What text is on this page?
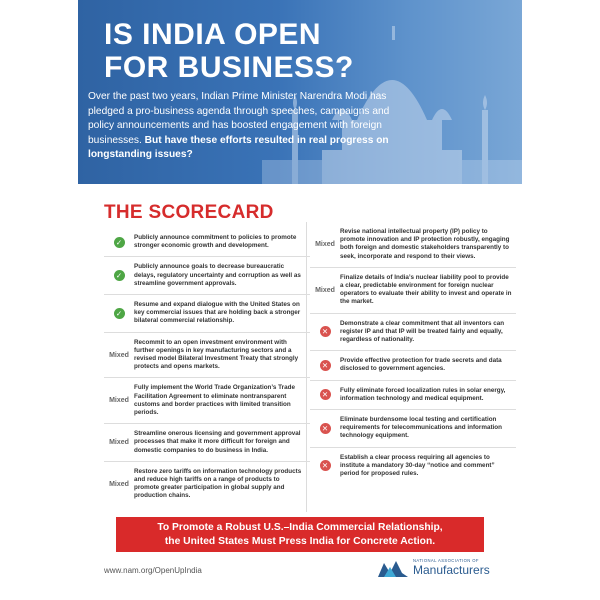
IS INDIA OPEN
FOR BUSINESS?
Over the past two years, Indian Prime Minister Narendra Modi has pledged a pro-business agenda through speeches, campaigns and policy announcements and has boosted engagement with foreign businesses. But have these efforts resulted in real progress on longstanding issues?
THE SCORECARD
✓
Publicly announce commitment to policies to promote stronger economic growth and development.
✓
Publicly announce goals to decrease bureaucratic delays, regulatory uncertainty and corruption as well as streamline government approvals.
✓
Resume and expand dialogue with the United States on key commercial issues that are holding back a stronger bilateral commercial relationship.
Mixed
Recommit to an open investment environment with further openings in key manufacturing sectors and a revised model Bilateral Investment Treaty that strongly protects and opens markets.
Mixed
Fully implement the World Trade Organization’s Trade Facilitation Agreement to eliminate nontransparent customs and border practices with limited transition periods.
Mixed
Streamline onerous licensing and government approval processes that make it more difficult for foreign and domestic companies to do business in India.
Mixed
Restore zero tariffs on information technology products and reduce high tariffs on a range of products to promote greater participation in global supply and production chains.
Mixed
Revise national intellectual property (IP) policy to promote innovation and IP protection robustly, engaging both foreign and domestic stakeholders transparently to seek, incorporate and respond to their views.
Mixed
Finalize details of India’s nuclear liability pool to provide a clear, predictable environment for foreign nuclear operators to evaluate their ability to invest and operate in the market.
✕
Demonstrate a clear commitment that all inventors can register IP and that IP will be treated fairly and equally, regardless of nationality.
✕
Provide effective protection for trade secrets and data disclosed to government agencies.
✕
Fully eliminate forced localization rules in solar energy, information technology and medical equipment.
✕
Eliminate burdensome local testing and certification requirements for telecommunications and information technology equipment.
✕
Establish a clear process requiring all agencies to institute a mandatory 30-day “notice and comment” period for proposed rules.
To Promote a Robust U.S.–India Commercial Relationship,
the United States Must Press India for Concrete Action.
www.nam.org/OpenUpIndia
NATIONAL ASSOCIATION OF
Manufacturers
